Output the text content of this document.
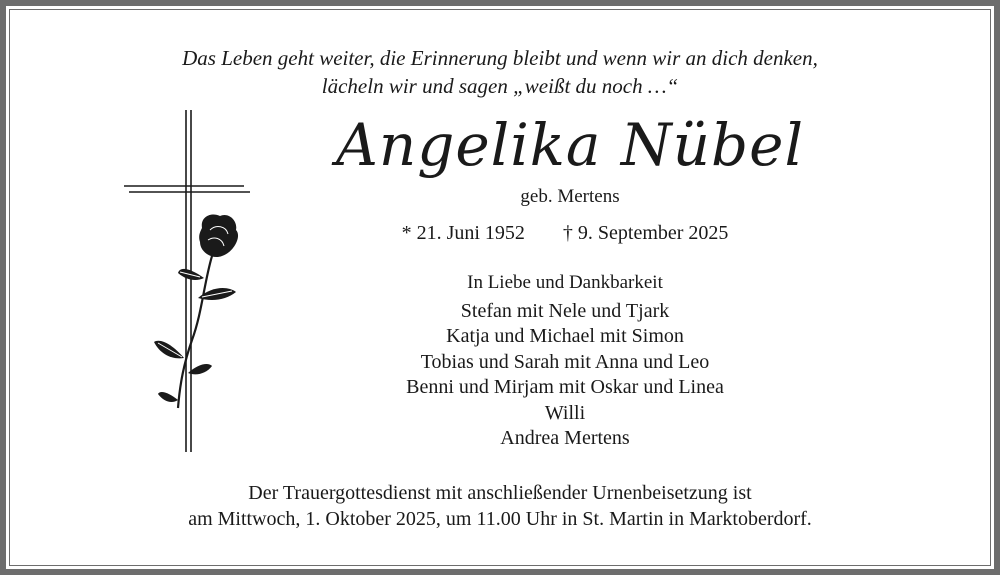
Das Leben geht weiter, die Erinnerung bleibt und wenn wir an dich denken,
lächeln wir und sagen „weißt du noch …“
Angelika Nübel
geb. Mertens
* 21. Juni 1952 † 9. September 2025
In Liebe und Dankbarkeit
Stefan mit Nele und Tjark
Katja und Michael mit Simon
Tobias und Sarah mit Anna und Leo
Benni und Mirjam mit Oskar und Linea
Willi
Andrea Mertens
Der Trauergottesdienst mit anschließender Urnenbeisetzung ist
am Mittwoch, 1. Oktober 2025, um 11.00 Uhr in St. Martin in Marktoberdorf.
